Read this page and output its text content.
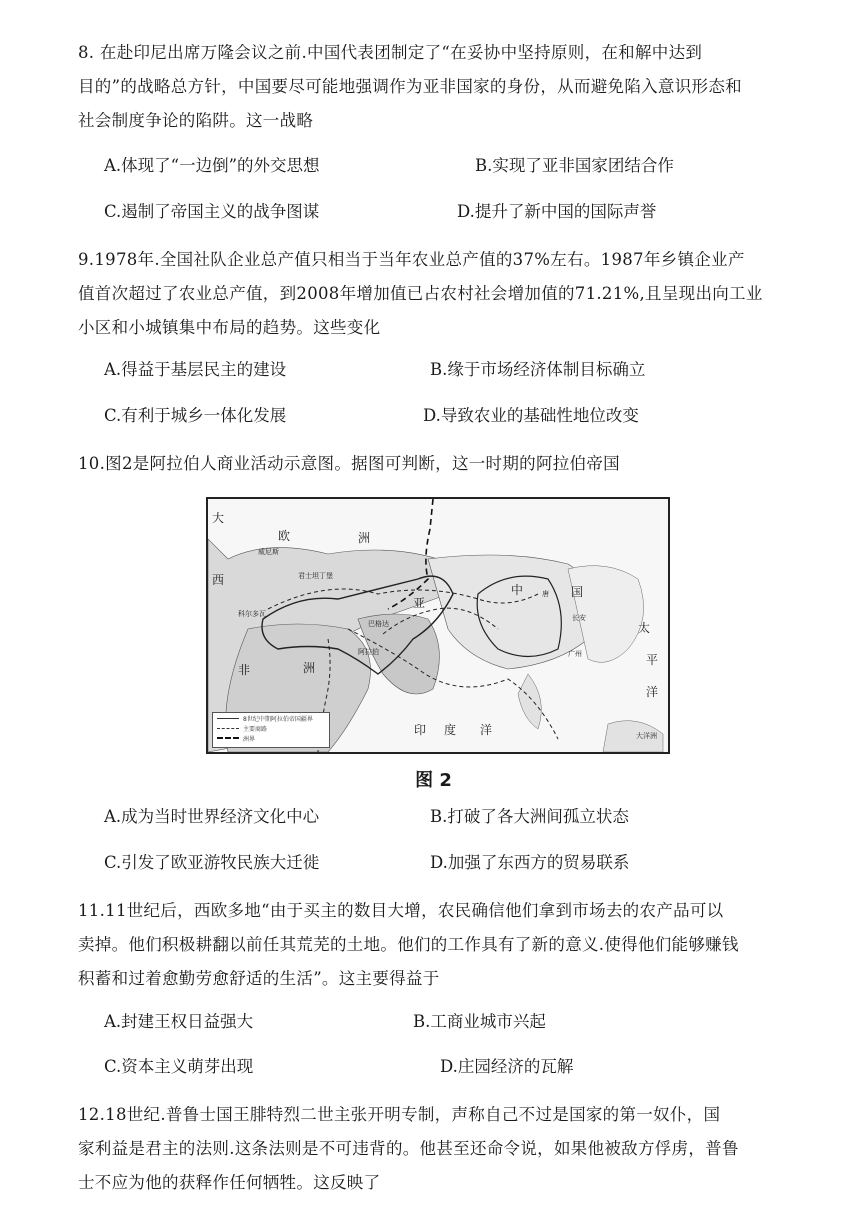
8. 在赴印尼出席万隆会议之前.中国代表团制定了“在妥协中坚持原则，在和解中达到
目的”的战略总方针，中国要尽可能地强调作为亚非国家的身份，从而避免陷入意识形态和
社会制度争论的陷阱。这一战略
A.体现了“一边倒”的外交思想	B.实现了亚非国家团结合作
C.遏制了帝国主义的战争图谋	D.提升了新中国的国际声誉
9.1978年.全国社队企业总产值只相当于当年农业总产值的37%左右。1987年乡镇企业产
值首次超过了农业总产值，到2008年增加值已占农村社会增加值的71.21%,且呈现出向工业
小区和小城镇集中布局的趋势。这些变化
A.得益于基层民主的建设	B.缘于市场经济体制目标确立
C.有利于城乡一体化发展	D.导致农业的基础性地位改变
10.图2是阿拉伯人商业活动示意图。据图可判断，这一时期的阿拉伯帝国
欧	洲
大
西
非	洲
亚
中	国
唐
长安
广州
威尼斯
君士坦丁堡
巴格达
阿拉伯
科尔多瓦
太
平
洋
印 度 洋	大洋洲
8世纪中期阿拉伯帝国疆界
主要商路
洲界
图 2
A.成为当时世界经济文化中心	B.打破了各大洲间孤立状态
C.引发了欧亚游牧民族大迁徙	D.加强了东西方的贸易联系
11.11世纪后，西欧多地“由于买主的数目大增，农民确信他们拿到市场去的农产品可以
卖掉。他们积极耕翻以前任其荒芜的土地。他们的工作具有了新的意义.使得他们能够赚钱
积蓄和过着愈勤劳愈舒适的生活”。这主要得益于
A.封建王权日益强大	B.工商业城市兴起
C.资本主义萌芽出现	D.庄园经济的瓦解
12.18世纪.普鲁士国王腓特烈二世主张开明专制，声称自己不过是国家的第一奴仆，国
家利益是君主的法则.这条法则是不可违背的。他甚至还命令说，如果他被敌方俘虏，普鲁
士不应为他的获释作任何牺牲。这反映了
